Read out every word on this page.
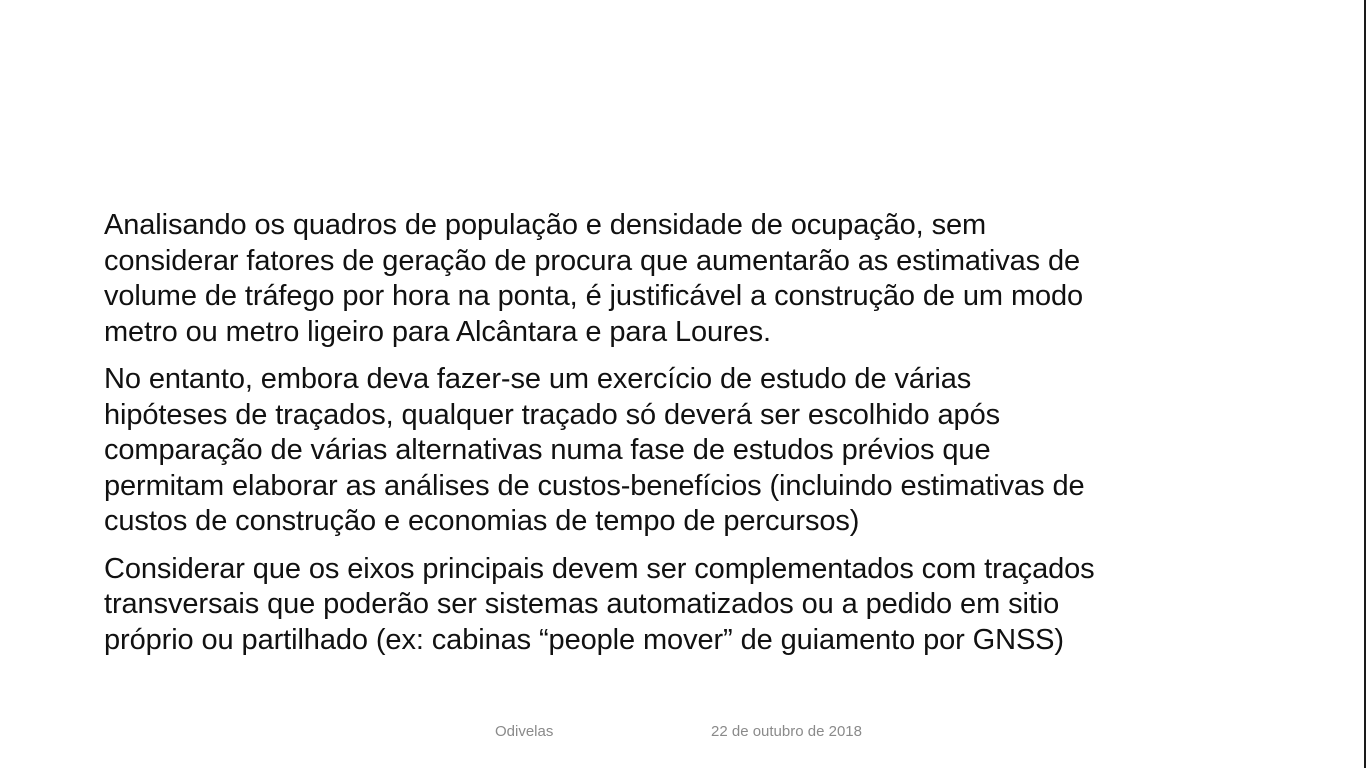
Analisando os quadros de população e densidade de ocupação, sem
considerar fatores de geração de procura que aumentarão as estimativas de
volume de tráfego por hora na ponta, é justificável a construção de um modo
metro ou metro ligeiro para Alcântara e para Loures.

No entanto, embora deva fazer-se um exercício de estudo de várias
hipóteses de traçados, qualquer traçado só deverá ser escolhido após
comparação de várias alternativas numa fase de estudos prévios que
permitam elaborar as análises de custos-benefícios (incluindo estimativas de
custos de construção e economias de tempo de percursos)

Considerar que os eixos principais devem ser complementados com traçados
transversais que poderão ser sistemas automatizados ou a pedido em sitio
próprio ou partilhado (ex: cabinas “people mover” de guiamento por GNSS)

Odivelas	22 de outubro de 2018
